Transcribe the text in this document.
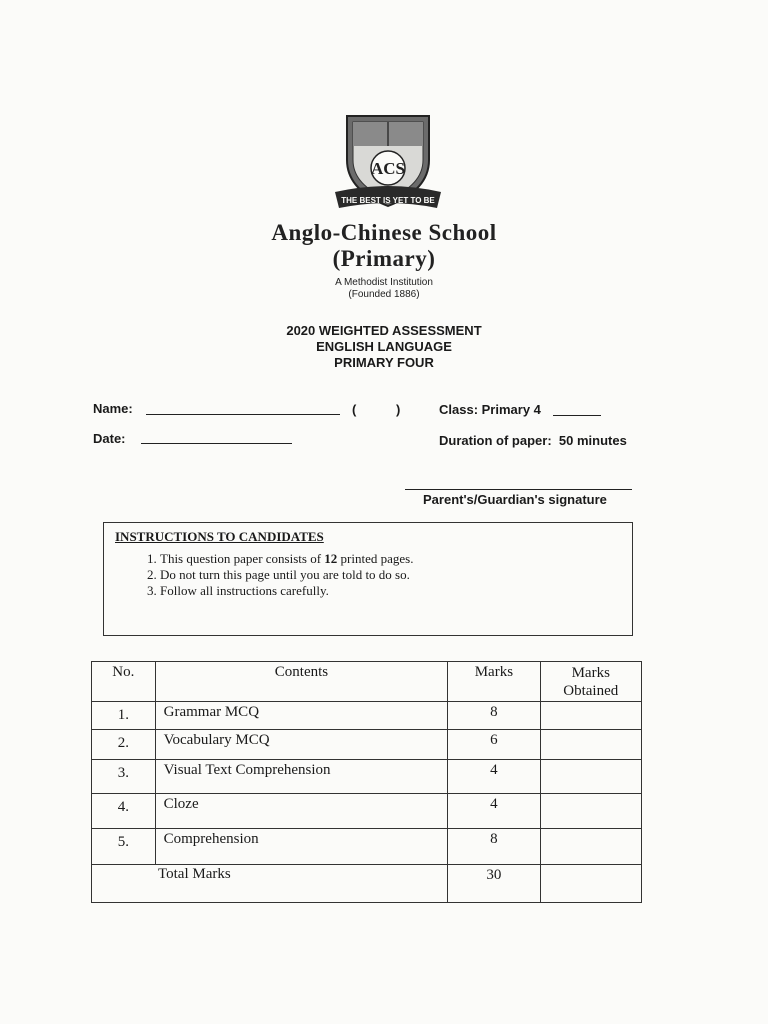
ACS
THE BEST IS YET TO BE
Anglo-Chinese School
(Primary)
A Methodist Institution
(Founded 1886)
2020 WEIGHTED ASSESSMENT
ENGLISH LANGUAGE
PRIMARY FOUR
Name:	(	)	Class: Primary 4
Date:	Duration of paper: 50 minutes
Parent's/Guardian's signature
INSTRUCTIONS TO CANDIDATES
1. This question paper consists of 12 printed pages.
2. Do not turn this page until you are told to do so.
3. Follow all instructions carefully.
No.	Contents	Marks	Marks
Obtained

1.	Grammar MCQ	8	
2.	Vocabulary MCQ	6	
3.	Visual Text Comprehension	4	
4.	Cloze	4	
5.	Comprehension	8	
Total Marks		30	
